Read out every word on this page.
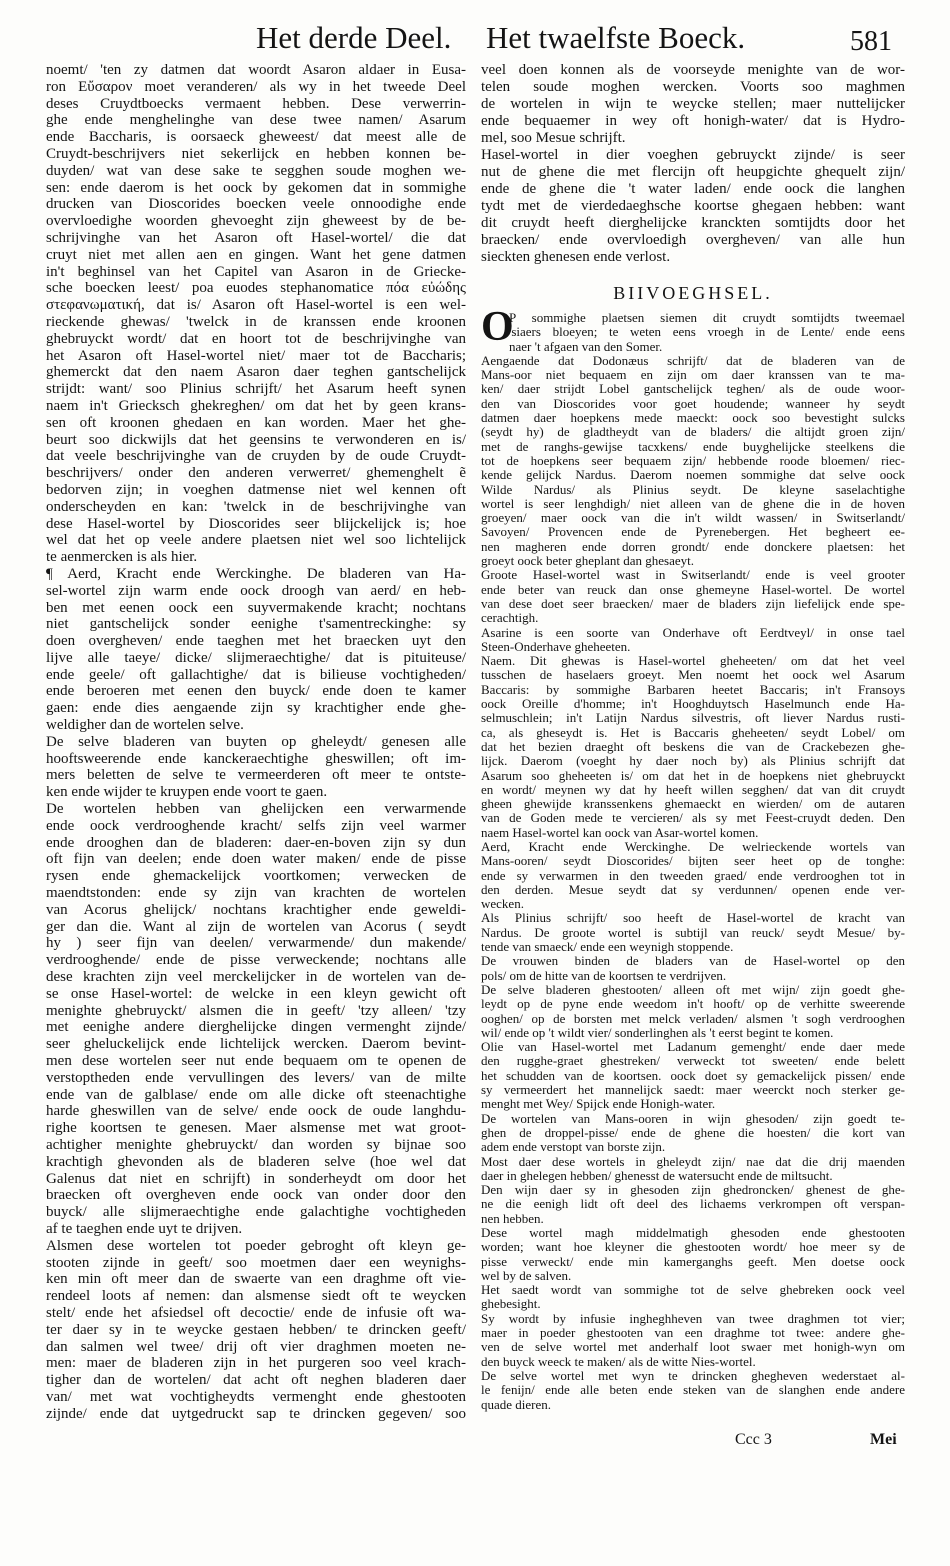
Het derde Deel. Het twaelfste Boeck.	581
noemt/ 'ten zy datmen dat woordt Asaron aldaer in Eusa-
ron Εὔσαρον moet veranderen/ als wy in het tweede Deel
deses Cruydtboecks vermaent hebben. Dese verwerrin-
ghe ende menghelinghe van dese twee namen/ Asarum
ende Baccharis, is oorsaeck gheweest/ dat meest alle de
Cruydt-beschrijvers niet sekerlijck en hebben konnen be-
duyden/ wat van dese sake te segghen soude moghen we-
sen: ende daerom is het oock by gekomen dat in sommighe
drucken van Dioscorides boecken veele onnoodighe ende
overvloedighe woorden ghevoeght zijn gheweest by de be-
schrijvinghe van het Asaron oft Hasel-wortel/ die dat
cruyt niet met allen aen en gingen. Want het gene datmen
in't beghinsel van het Capitel van Asaron in de Griecke-
sche boecken leest/ poa euodes stephanomatice πόα εὐώδης
στεφανωματική, dat is/ Asaron oft Hasel-wortel is een wel-
rieckende ghewas/ 'twelck in de kranssen ende kroonen
ghebruyckt wordt/ dat en hoort tot de beschrijvinghe van
het Asaron oft Hasel-wortel niet/ maer tot de Baccharis;
ghemerckt dat den naem Asaron daer teghen gantschelijck
strijdt: want/ soo Plinius schrijft/ het Asarum heeft synen
naem in't Griecksch ghekreghen/ om dat het by geen krans-
sen oft kroonen ghedaen en kan worden. Maer het ghe-
beurt soo dickwijls dat het geensins te verwonderen en is/
dat veele beschrijvinghe van de cruyden by de oude Cruydt-
beschrijvers/ onder den anderen verwerret/ ghemenghelt ẽ
bedorven zijn; in voeghen datmense niet wel kennen oft
onderscheyden en kan: 'twelck in de beschrijvinghe van
dese Hasel-wortel by Dioscorides seer blijckelijck is; hoe
wel dat het op veele andere plaetsen niet wel soo lichtelijck
te aenmercken is als hier.
¶ Aerd, Kracht ende Werckinghe. De bladeren van Ha-
sel-wortel zijn warm ende oock droogh van aerd/ en heb-
ben met eenen oock een suyvermakende kracht; nochtans
niet gantschelijck sonder eenighe t'samentreckinghe: sy
doen overgheven/ ende taeghen met het braecken uyt den
lijve alle taeye/ dicke/ slijmeraechtighe/ dat is pituiteuse/
ende geele/ oft gallachtighe/ dat is bilieuse vochtigheden/
ende beroeren met eenen den buyck/ ende doen te kamer
gaen: ende dies aengaende zijn sy krachtigher ende ghe-
weldigher dan de wortelen selve.
De selve bladeren van buyten op gheleydt/ genesen alle
hooftsweerende ende kanckeraechtighe gheswillen; oft im-
mers beletten de selve te vermeerderen oft meer te ontste-
ken ende wijder te kruypen ende voort te gaen.
De wortelen hebben van ghelijcken een verwarmende
ende oock verdrooghende kracht/ selfs zijn veel warmer
ende drooghen dan de bladeren: daer-en-boven zijn sy dun
oft fijn van deelen; ende doen water maken/ ende de pisse
rysen ende ghemackelijck voortkomen; verwecken de
maendtstonden: ende sy zijn van krachten de wortelen
van Acorus ghelijck/ nochtans krachtigher ende geweldi-
ger dan die. Want al zijn de wortelen van Acorus ( seydt
hy ) seer fijn van deelen/ verwarmende/ dun makende/
verdrooghende/ ende de pisse verweckende; nochtans alle
dese krachten zijn veel merckelijcker in de wortelen van de-
se onse Hasel-wortel: de welcke in een kleyn gewicht oft
menighte ghebruyckt/ alsmen die in geeft/ 'tzy alleen/ 'tzy
met eenighe andere dierghelijcke dingen vermenght zijnde/
seer gheluckelijck ende lichtelijck wercken. Daerom bevint-
men dese wortelen seer nut ende bequaem om te openen de
verstoptheden ende vervullingen des levers/ van de milte
ende van de galblase/ ende om alle dicke oft steenachtighe
harde gheswillen van de selve/ ende oock de oude langhdu-
righe koortsen te genesen. Maer alsmense met wat groot-
achtigher menighte ghebruyckt/ dan worden sy bijnae soo
krachtigh ghevonden als de bladeren selve (hoe wel dat
Galenus dat niet en schrijft) in sonderheydt om door het
braecken oft overgheven ende oock van onder door den
buyck/ alle slijmeraechtighe ende galachtighe vochtigheden
af te taeghen ende uyt te drijven.
Alsmen dese wortelen tot poeder gebroght oft kleyn ge-
stooten zijnde in geeft/ soo moetmen daer een weynighs-
ken min oft meer dan de swaerte van een draghme oft vie-
rendeel loots af nemen: dan alsmense siedt oft te weycken
stelt/ ende het afsiedsel oft decoctie/ ende de infusie oft wa-
ter daer sy in te weycke gestaen hebben/ te drincken geeft/
dan salmen wel twee/ drij oft vier draghmen moeten ne-
men: maer de bladeren zijn in het purgeren soo veel krach-
tigher dan de wortelen/ dat acht oft neghen bladeren daer
van/ met wat vochtigheydts vermenght ende ghestooten
zijnde/ ende dat uytgedruckt sap te drincken gegeven/ soo
veel doen konnen als de voorseyde menighte van de wor-
telen soude moghen wercken. Voorts soo maghmen
de wortelen in wijn te weycke stellen; maer nuttelijcker
ende bequaemer in wey oft honigh-water/ dat is Hydro-
mel, soo Mesue schrijft.
Hasel-wortel in dier voeghen gebruyckt zijnde/ is seer
nut de ghene die met flercijn oft heupgichte ghequelt zijn/
ende de ghene die 't water laden/ ende oock die langhen
tydt met de vierdedaeghsche koortse ghegaen hebben: want
dit cruydt heeft dierghelijcke kranckten somtijdts door het
braecken/ ende overvloedigh overgheven/ van alle hun
sieckten ghenesen ende verlost.
BIIVOEGHSEL.
O
P sommighe plaetsen siemen dit cruydt somtijdts tweemael
'siaers bloeyen; te weten eens vroegh in de Lente/ ende eens
naer 't afgaen van den Somer.
Aengaende dat Dodonæus schrijft/ dat de bladeren van de
Mans-oor niet bequaem en zijn om daer kranssen van te ma-
ken/ daer strijdt Lobel gantschelijck teghen/ als de oude woor-
den van Dioscorides voor goet houdende; wanneer hy seydt
datmen daer hoepkens mede maeckt: oock soo bevestight sulcks
(seydt hy) de gladtheydt van de bladers/ die altijdt groen zijn/
met de ranghs-gewijse tacxkens/ ende buyghelijcke steelkens die
tot de hoepkens seer bequaem zijn/ hebbende roode bloemen/ riec-
kende gelijck Nardus. Daerom noemen sommighe dat selve oock
Wilde Nardus/ als Plinius seydt. De kleyne saselachtighe
wortel is seer lenghdigh/ niet alleen van de ghene die in de hoven
groeyen/ maer oock van die in't wildt wassen/ in Switserlandt/
Savoyen/ Provencen ende de Pyrenebergen. Het begheert ee-
nen magheren ende dorren grondt/ ende donckere plaetsen: het
groeyt oock beter gheplant dan ghesaeyt.
Groote Hasel-wortel wast in Switserlandt/ ende is veel grooter
ende beter van reuck dan onse ghemeyne Hasel-wortel. De wortel
van dese doet seer braecken/ maer de bladers zijn liefelijck ende spe-
cerachtigh.
Asarine is een soorte van Onderhave oft Eerdtveyl/ in onse tael
Steen-Onderhave gheheeten.
Naem. Dit ghewas is Hasel-wortel gheheeten/ om dat het veel
tusschen de haselaers groeyt. Men noemt het oock wel Asarum
Baccaris: by sommighe Barbaren heetet Baccaris; in't Fransoys
oock Oreille d'homme; in't Hooghduytsch Haselmunch ende Ha-
selmuschlein; in't Latijn Nardus silvestris, oft liever Nardus rusti-
ca, als gheseydt is. Het is Baccaris gheheeten/ seydt Lobel/ om
dat het bezien draeght oft beskens die van de Crackebezen ghe-
lijck. Daerom (voeght hy daer noch by) als Plinius schrijft dat
Asarum soo gheheeten is/ om dat het in de hoepkens niet ghebruyckt
en wordt/ meynen wy dat hy heeft willen segghen/ dat van dit cruydt
gheen ghewijde kranssenkens ghemaeckt en wierden/ om de autaren
van de Goden mede te vercieren/ als sy met Feest-cruydt deden. Den
naem Hasel-wortel kan oock van Asar-wortel komen.
Aerd, Kracht ende Werckinghe. De welrieckende wortels van
Mans-ooren/ seydt Dioscorides/ bijten seer heet op de tonghe:
ende sy verwarmen in den tweeden graed/ ende verdrooghen tot in
den derden. Mesue seydt dat sy verdunnen/ openen ende ver-
wecken.
Als Plinius schrijft/ soo heeft de Hasel-wortel de kracht van
Nardus. De groote wortel is subtijl van reuck/ seydt Mesue/ by-
tende van smaeck/ ende een weynigh stoppende.
De vrouwen binden de bladers van de Hasel-wortel op den
pols/ om de hitte van de koortsen te verdrijven.
De selve bladeren ghestooten/ alleen oft met wijn/ zijn goedt ghe-
leydt op de pyne ende weedom in't hooft/ op de verhitte sweerende
ooghen/ op de borsten met melck verladen/ alsmen 't sogh verdrooghen
wil/ ende op 't wildt vier/ sonderlinghen als 't eerst begint te komen.
Olie van Hasel-wortel met Ladanum gemenght/ ende daer mede
den rugghe-graet ghestreken/ verweckt tot sweeten/ ende belett
het schudden van de koortsen. oock doet sy gemackelijck pissen/ ende
sy vermeerdert het mannelijck saedt: maer weerckt noch sterker ge-
menght met Wey/ Spijck ende Honigh-water.
De wortelen van Mans-ooren in wijn ghesoden/ zijn goedt te-
ghen de droppel-pisse/ ende de ghene die hoesten/ die kort van
adem ende verstopt van borste zijn.
Most daer dese wortels in gheleydt zijn/ nae dat die drij maenden
daer in ghelegen hebben/ ghenesst de watersucht ende de miltsucht.
Den wijn daer sy in ghesoden zijn ghedroncken/ ghenest de ghe-
ne die eenigh lidt oft deel des lichaems verkrompen oft verspan-
nen hebben.
Dese wortel magh middelmatigh ghesoden ende ghestooten
worden; want hoe kleyner die ghestooten wordt/ hoe meer sy de
pisse verweckt/ ende min kamerganghs geeft. Men doetse oock
wel by de salven.
Het saedt wordt van sommighe tot de selve ghebreken oock veel
ghebesight.
Sy wordt by infusie ingheghheven van twee draghmen tot vier;
maer in poeder ghestooten van een draghme tot twee: andere ghe-
ven de selve wortel met anderhalf loot swaer met honigh-wyn om
den buyck weeck te maken/ als de witte Nies-wortel.
De selve wortel met wyn te drincken ghegheven wederstaet al-
le fenijn/ ende alle beten ende steken van de slanghen ende andere
quade dieren.
Ccc 3	Mei
